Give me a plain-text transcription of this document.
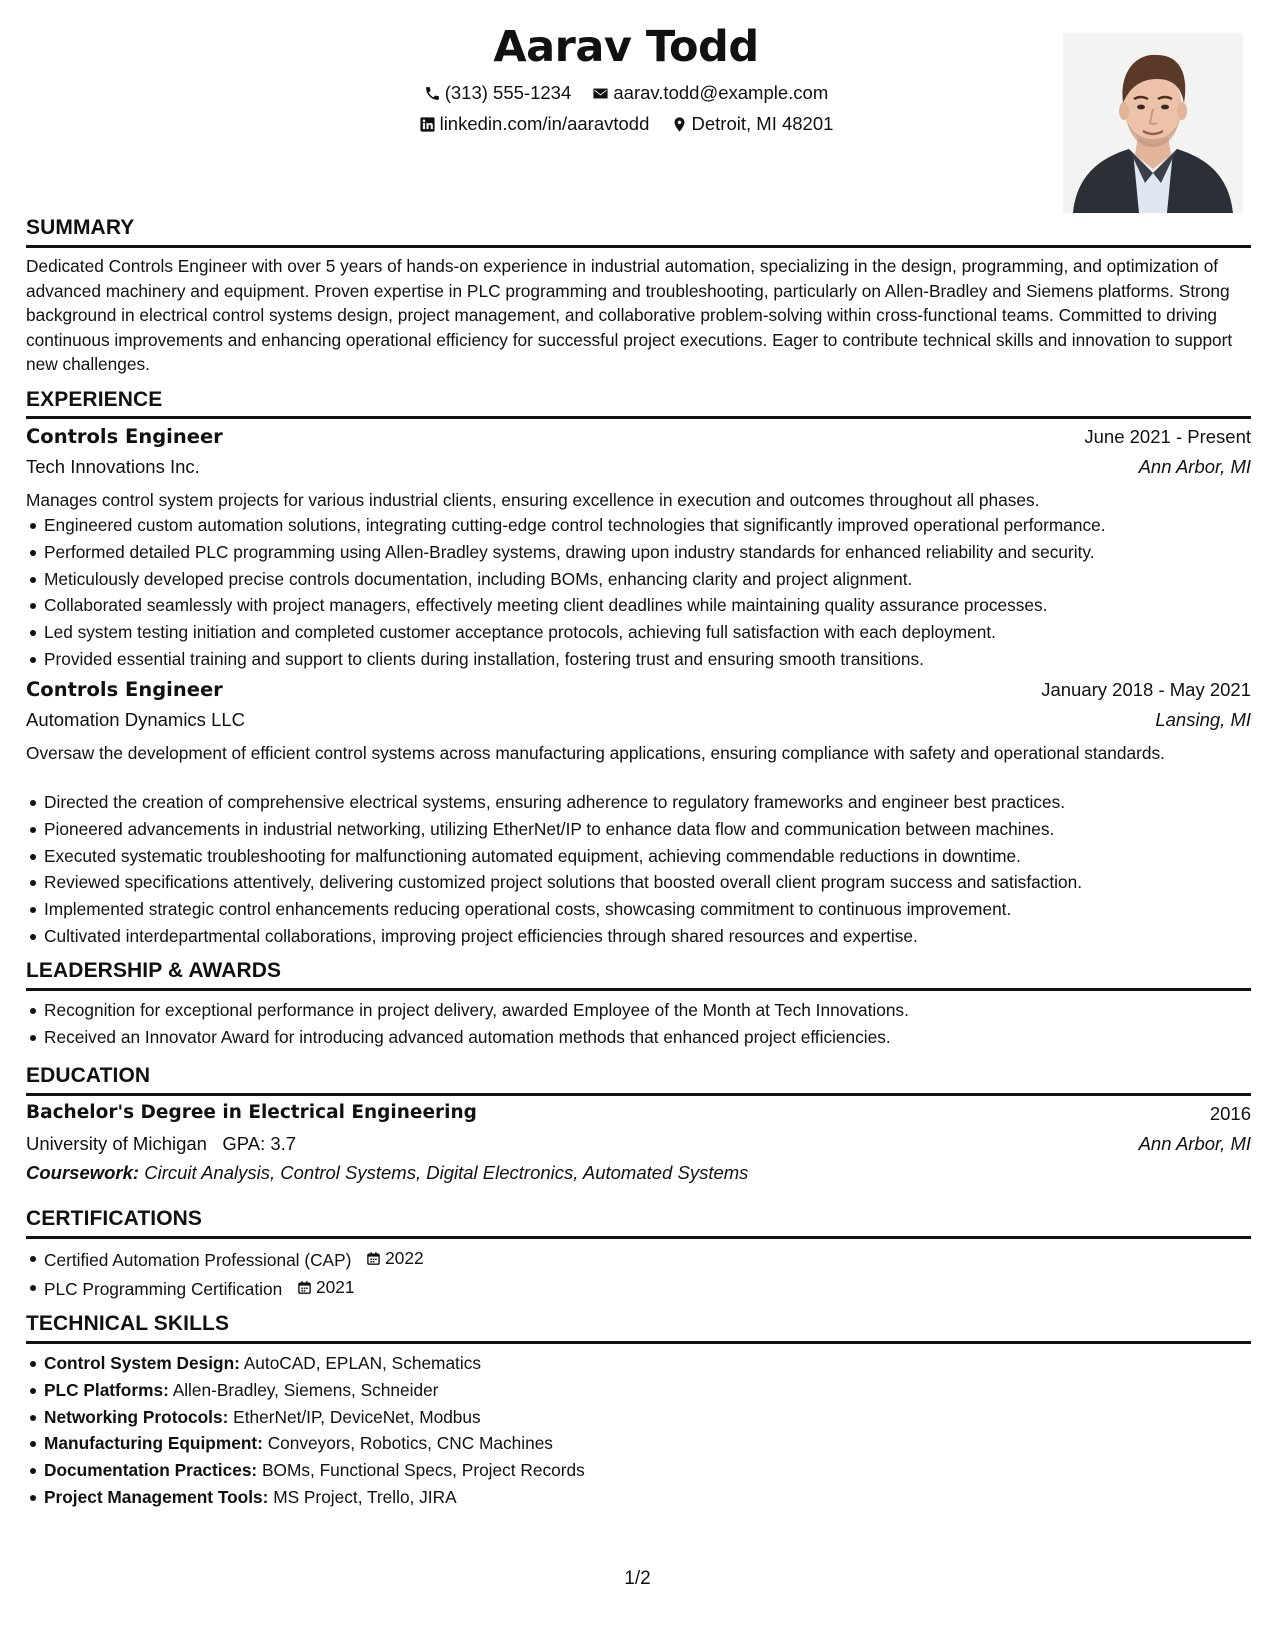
Aarav Todd
(313) 555-1234
aarav.todd@example.com
linkedin.com/in/aaravtodd
Detroit, MI 48201
SUMMARY
Dedicated Controls Engineer with over 5 years of hands-on experience in industrial automation, specializing in the design, programming, and optimization of advanced machinery and equipment. Proven expertise in PLC programming and troubleshooting, particularly on Allen-Bradley and Siemens platforms. Strong background in electrical control systems design, project management, and collaborative problem-solving within cross-functional teams. Committed to driving continuous improvements and enhancing operational efficiency for successful project executions. Eager to contribute technical skills and innovation to support new challenges.
EXPERIENCE
Controls Engineer	June 2021 - Present
Tech Innovations Inc.	Ann Arbor, MI
Manages control system projects for various industrial clients, ensuring excellence in execution and outcomes throughout all phases.
Engineered custom automation solutions, integrating cutting-edge control technologies that significantly improved operational performance.
Performed detailed PLC programming using Allen-Bradley systems, drawing upon industry standards for enhanced reliability and security.
Meticulously developed precise controls documentation, including BOMs, enhancing clarity and project alignment.
Collaborated seamlessly with project managers, effectively meeting client deadlines while maintaining quality assurance processes.
Led system testing initiation and completed customer acceptance protocols, achieving full satisfaction with each deployment.
Provided essential training and support to clients during installation, fostering trust and ensuring smooth transitions.
Controls Engineer	January 2018 - May 2021
Automation Dynamics LLC	Lansing, MI
Oversaw the development of efficient control systems across manufacturing applications, ensuring compliance with safety and operational standards.
Directed the creation of comprehensive electrical systems, ensuring adherence to regulatory frameworks and engineer best practices.
Pioneered advancements in industrial networking, utilizing EtherNet/IP to enhance data flow and communication between machines.
Executed systematic troubleshooting for malfunctioning automated equipment, achieving commendable reductions in downtime.
Reviewed specifications attentively, delivering customized project solutions that boosted overall client program success and satisfaction.
Implemented strategic control enhancements reducing operational costs, showcasing commitment to continuous improvement.
Cultivated interdepartmental collaborations, improving project efficiencies through shared resources and expertise.
LEADERSHIP & AWARDS
Recognition for exceptional performance in project delivery, awarded Employee of the Month at Tech Innovations.
Received an Innovator Award for introducing advanced automation methods that enhanced project efficiencies.
EDUCATION
Bachelor's Degree in Electrical Engineering	2016
University of Michigan GPA: 3.7	Ann Arbor, MI
Coursework: Circuit Analysis, Control Systems, Digital Electronics, Automated Systems
CERTIFICATIONS
Certified Automation Professional (CAP) 2022
PLC Programming Certification 2021
TECHNICAL SKILLS
Control System Design: AutoCAD, EPLAN, Schematics
PLC Platforms: Allen-Bradley, Siemens, Schneider
Networking Protocols: EtherNet/IP, DeviceNet, Modbus
Manufacturing Equipment: Conveyors, Robotics, CNC Machines
Documentation Practices: BOMs, Functional Specs, Project Records
Project Management Tools: MS Project, Trello, JIRA
1/2
